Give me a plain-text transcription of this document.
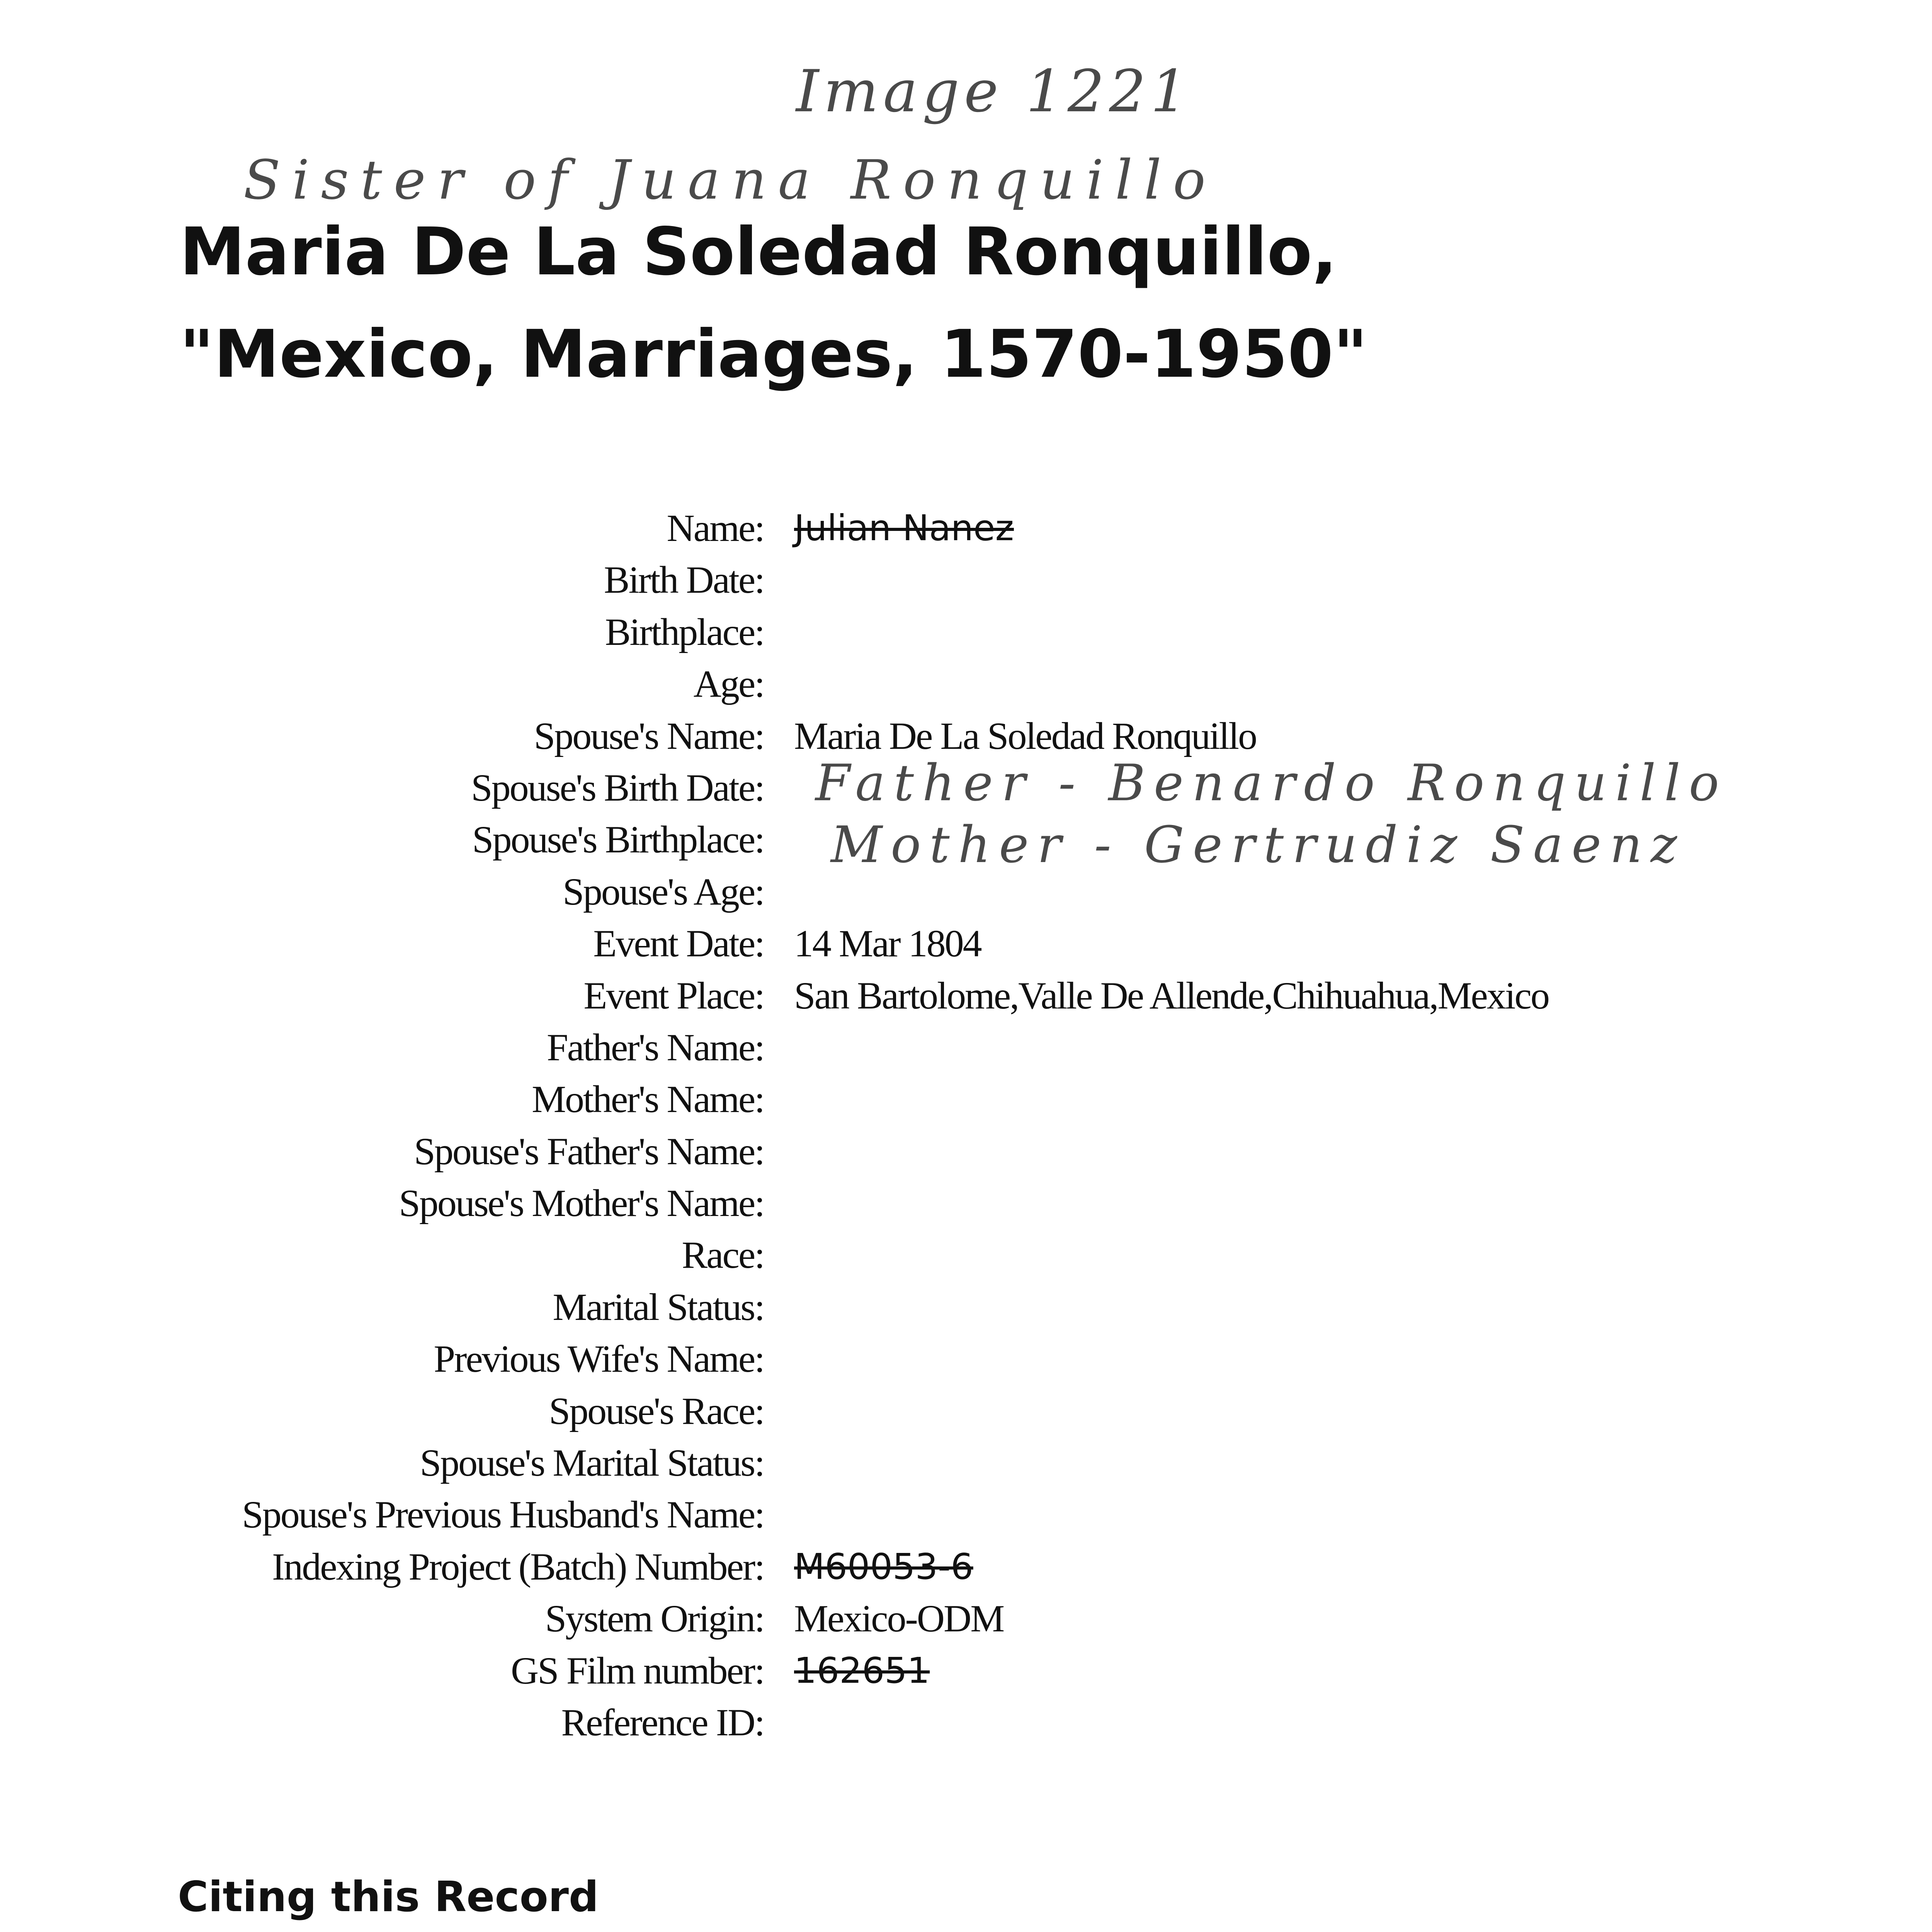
Image 1221
Sister of Juana Ronquillo
Maria De La Soledad Ronquillo,
"Mexico, Marriages, 1570-1950"
Name: Julian Nanez
Birth Date:
Birthplace:
Age:
Spouse's Name: Maria De La Soledad Ronquillo
Spouse's Birth Date:
Spouse's Birthplace:
Spouse's Age:
Event Date: 14 Mar 1804
Event Place: San Bartolome,Valle De Allende,Chihuahua,Mexico
Father's Name:
Mother's Name:
Spouse's Father's Name:
Spouse's Mother's Name:
Race:
Marital Status:
Previous Wife's Name:
Spouse's Race:
Spouse's Marital Status:
Spouse's Previous Husband's Name:
Indexing Project (Batch) Number: M60053-6
System Origin: Mexico-ODM
GS Film number: 162651
Reference ID:
Father - Benardo Ronquillo
Mother - Gertrudiz Saenz
Citing this Record
